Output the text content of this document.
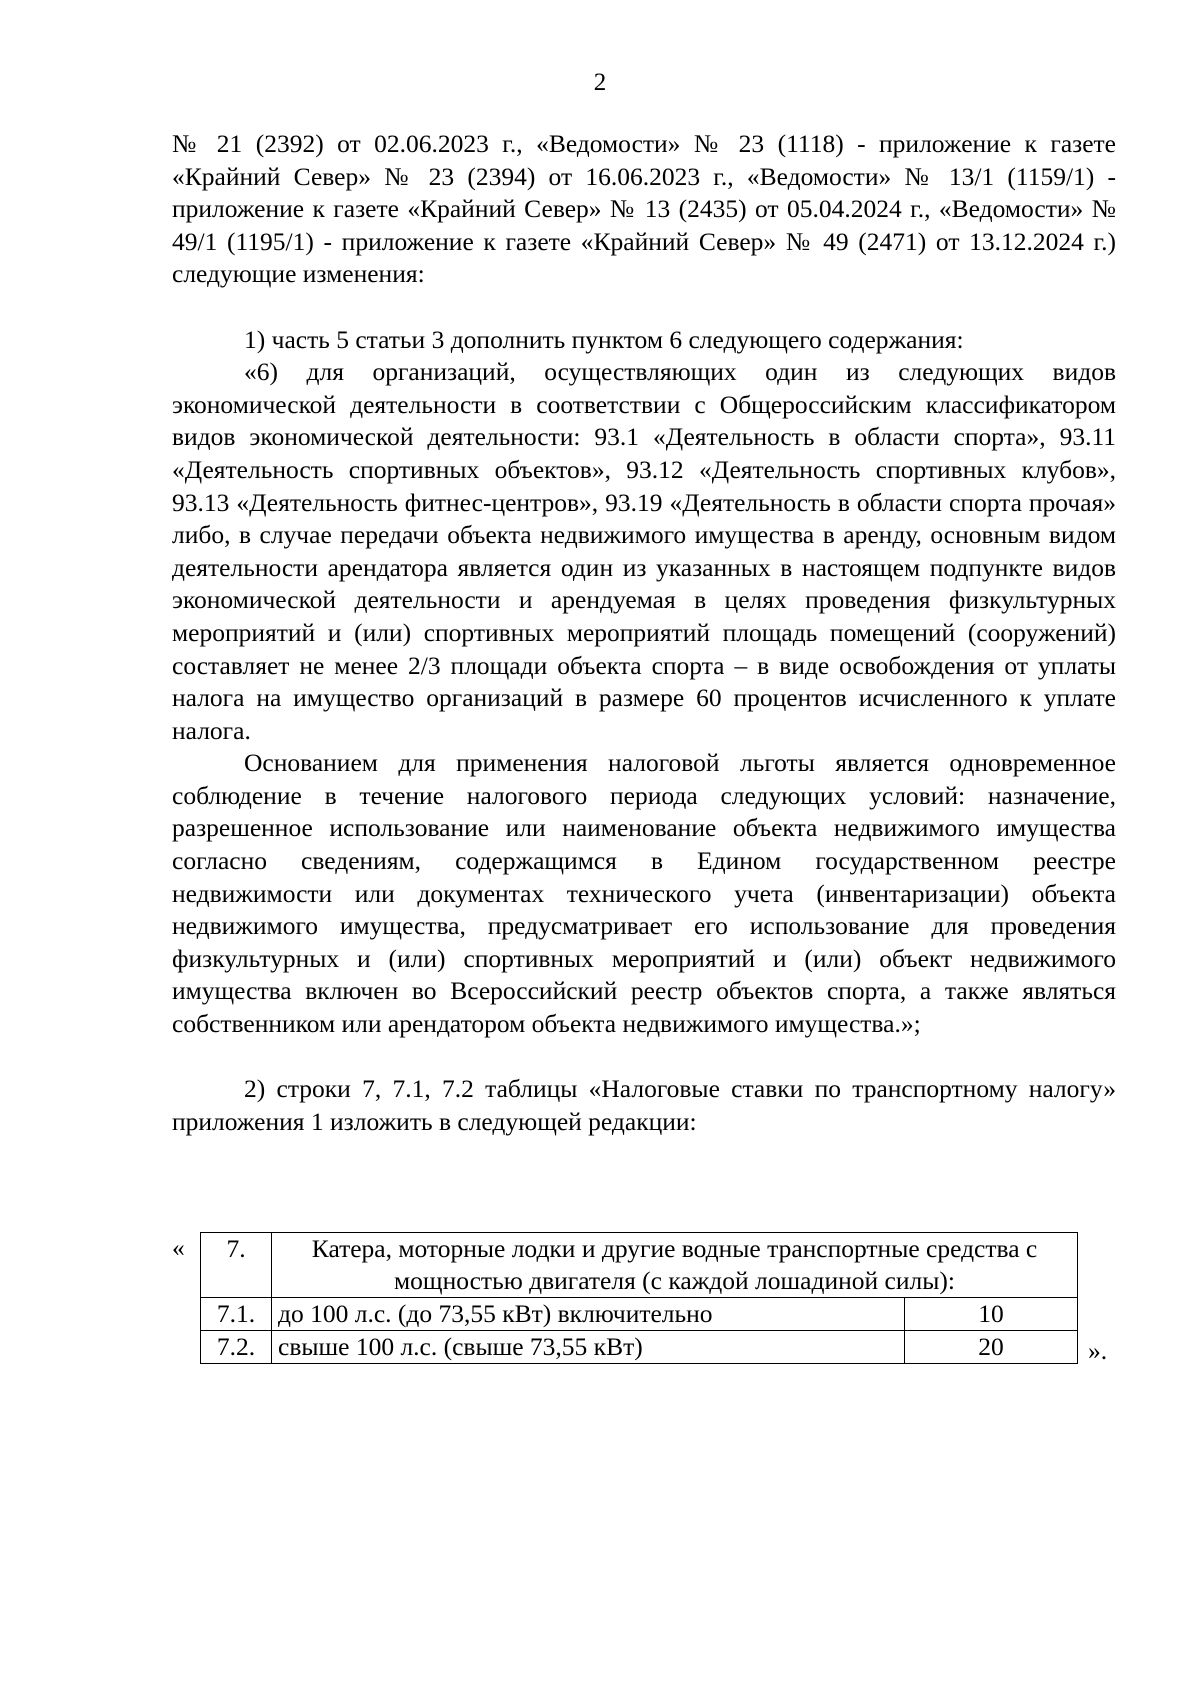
2

№ 21 (2392) от 02.06.2023 г., «Ведомости» № 23 (1118) - приложение к газете «Крайний Север» № 23 (2394) от 16.06.2023 г., «Ведомости» № 13/1 (1159/1) - приложение к газете «Крайний Север» № 13 (2435) от 05.04.2024 г., «Ведомости» № 49/1 (1195/1) - приложение к газете «Крайний Север» № 49 (2471) от 13.12.2024 г.) следующие изменения:

1) часть 5 статьи 3 дополнить пунктом 6 следующего содержания:

«6) для организаций, осуществляющих один из следующих видов экономической деятельности в соответствии с Общероссийским классификатором видов экономической деятельности: 93.1 «Деятельность в области спорта», 93.11 «Деятельность спортивных объектов», 93.12 «Деятельность спортивных клубов», 93.13 «Деятельность фитнес-центров», 93.19 «Деятельность в области спорта прочая» либо, в случае передачи объекта недвижимого имущества в аренду, основным видом деятельности арендатора является один из указанных в настоящем подпункте видов экономической деятельности и арендуемая в целях проведения физкультурных мероприятий и (или) спортивных мероприятий площадь помещений (сооружений) составляет не менее 2/3 площади объекта спорта – в виде освобождения от уплаты налога на имущество организаций в размере 60 процентов исчисленного к уплате налога.

Основанием для применения налоговой льготы является одновременное соблюдение в течение налогового периода следующих условий: назначение, разрешенное использование или наименование объекта недвижимого имущества согласно сведениям, содержащимся в Едином государственном реестре недвижимости или документах технического учета (инвентаризации) объекта недвижимого имущества, предусматривает его использование для проведения физкультурных и (или) спортивных мероприятий и (или) объект недвижимого имущества включен во Всероссийский реестр объектов спорта, а также являться собственником или арендатором объекта недвижимого имущества.»;

2) строки 7, 7.1, 7.2 таблицы «Налоговые ставки по транспортному налогу» приложения 1 изложить в следующей редакции:

« 7.	Катера, моторные лодки и другие водные транспортные средства с мощностью двигателя (с каждой лошадиной силы):	
7.1.	до 100 л.с. (до 73,55 кВт) включительно	10
7.2.	свыше 100 л.с. (свыше 73,55 кВт)	20	».
